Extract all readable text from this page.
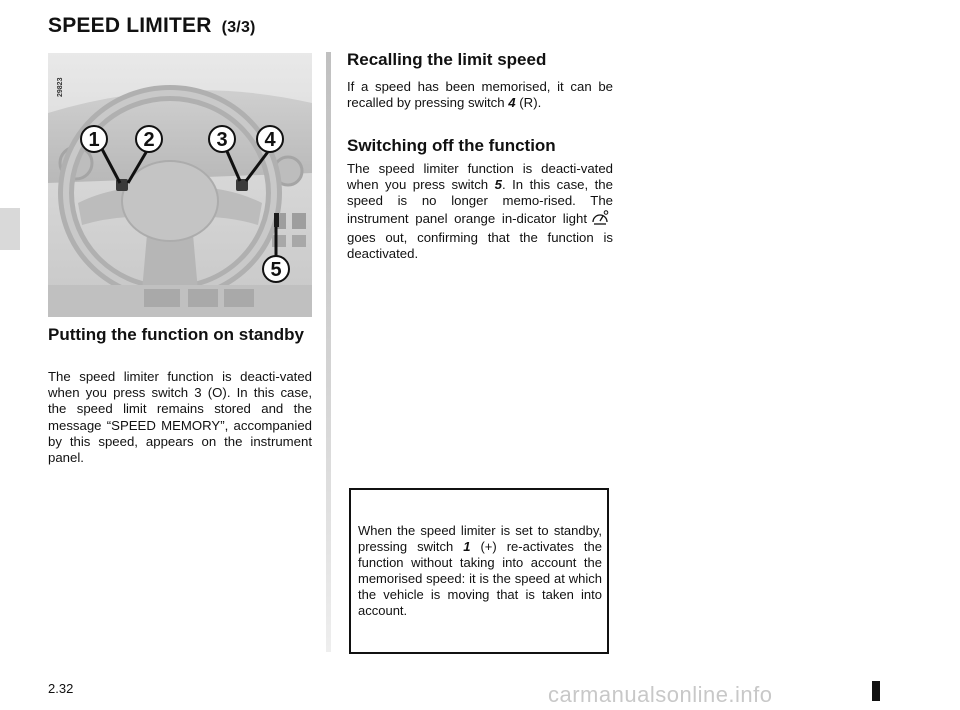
SPEED LIMITER (3/3)
1 2	3 4
5
29823
Putting the function on standby

The speed limiter function is deacti-vated when you press switch 3 (O). In this case, the speed limit remains stored and the message “SPEED MEMORY”, accompanied by this speed, appears on the instrument panel.

Recalling the limit speed

If a speed has been memorised, it can be recalled by pressing switch 4 (R).

Switching off the function

The speed limiter function is deacti-vated when you press switch 5. In this case, the speed is no longer memo-rised. The instrument panel orange in-dicator lightgoes out, confirming that the function is deactivated.

When the speed limiter is set to standby, pressing switch 1 (+) re-activates the function without taking into account the memorised speed: it is the speed at which the vehicle is moving that is taken into account.

2.32	carmanualsonline.info
